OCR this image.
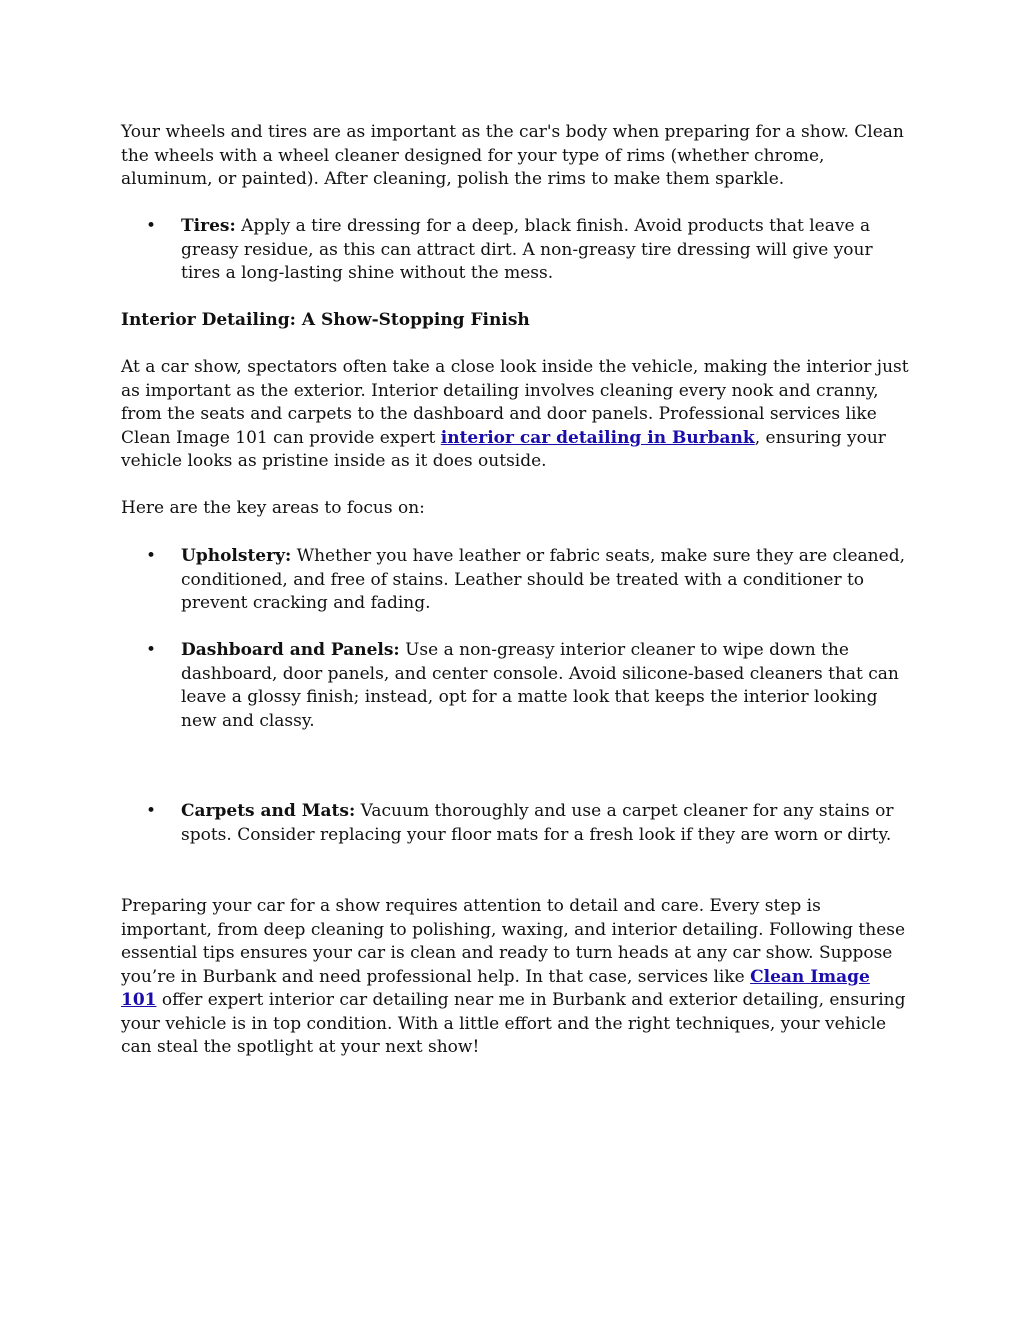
Your wheels and tires are as important as the car's body when preparing for a show. Clean the wheels with a wheel cleaner designed for your type of rims (whether chrome, aluminum, or painted). After cleaning, polish the rims to make them sparkle.

• Tires: Apply a tire dressing for a deep, black finish. Avoid products that leave a greasy residue, as this can attract dirt. A non-greasy tire dressing will give your tires a long-lasting shine without the mess.

Interior Detailing: A Show-Stopping Finish

At a car show, spectators often take a close look inside the vehicle, making the interior just as important as the exterior. Interior detailing involves cleaning every nook and cranny, from the seats and carpets to the dashboard and door panels. Professional services like Clean Image 101 can provide expert interior car detailing in Burbank, ensuring your vehicle looks as pristine inside as it does outside.

Here are the key areas to focus on:

• Upholstery: Whether you have leather or fabric seats, make sure they are cleaned, conditioned, and free of stains. Leather should be treated with a conditioner to prevent cracking and fading.

• Dashboard and Panels: Use a non-greasy interior cleaner to wipe down the dashboard, door panels, and center console. Avoid silicone-based cleaners that can leave a glossy finish; instead, opt for a matte look that keeps the interior looking new and classy.

• Carpets and Mats: Vacuum thoroughly and use a carpet cleaner for any stains or spots. Consider replacing your floor mats for a fresh look if they are worn or dirty.

Preparing your car for a show requires attention to detail and care. Every step is important, from deep cleaning to polishing, waxing, and interior detailing. Following these essential tips ensures your car is clean and ready to turn heads at any car show. Suppose you’re in Burbank and need professional help. In that case, services like Clean Image 101 offer expert interior car detailing near me in Burbank and exterior detailing, ensuring your vehicle is in top condition. With a little effort and the right techniques, your vehicle can steal the spotlight at your next show!
